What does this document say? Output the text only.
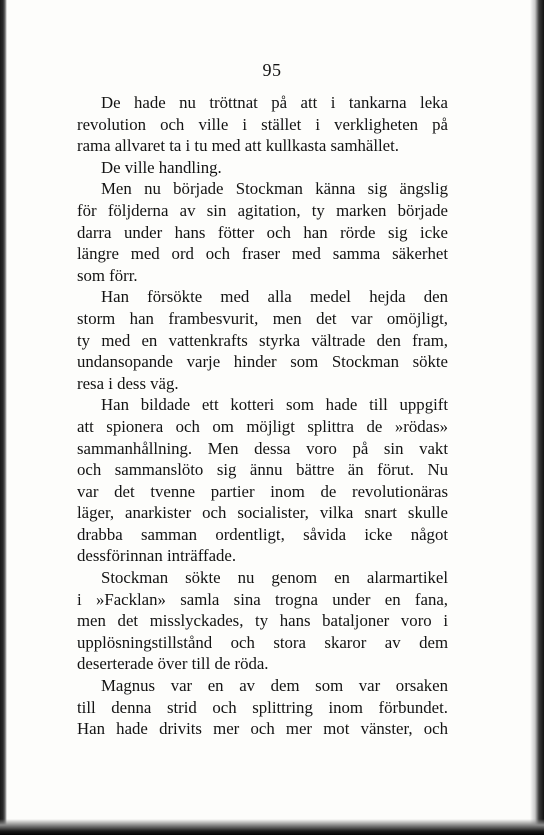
95
De hade nu tröttnat på att i tankarna leka
revolution och ville i stället i verkligheten på
rama allvaret ta i tu med att kullkasta samhället.
De ville handling.
Men nu började Stockman känna sig ängslig
för följderna av sin agitation, ty marken började
darra under hans fötter och han rörde sig icke
längre med ord och fraser med samma säkerhet
som förr.
Han försökte med alla medel hejda den
storm han frambesvurit, men det var omöjligt,
ty med en vattenkrafts styrka vältrade den fram,
undansopande varje hinder som Stockman sökte
resa i dess väg.
Han bildade ett kotteri som hade till uppgift
att spionera och om möjligt splittra de »rödas»
sammanhållning. Men dessa voro på sin vakt
och sammanslöto sig ännu bättre än förut. Nu
var det tvenne partier inom de revolutionäras
läger, anarkister och socialister, vilka snart skulle
drabba samman ordentligt, såvida icke något
dessförinnan inträffade.
Stockman sökte nu genom en alarmartikel
i »Facklan» samla sina trogna under en fana,
men det misslyckades, ty hans bataljoner voro i
upplösningstillstånd och stora skaror av dem
deserterade över till de röda.
Magnus var en av dem som var orsaken
till denna strid och splittring inom förbundet.
Han hade drivits mer och mer mot vänster, och
